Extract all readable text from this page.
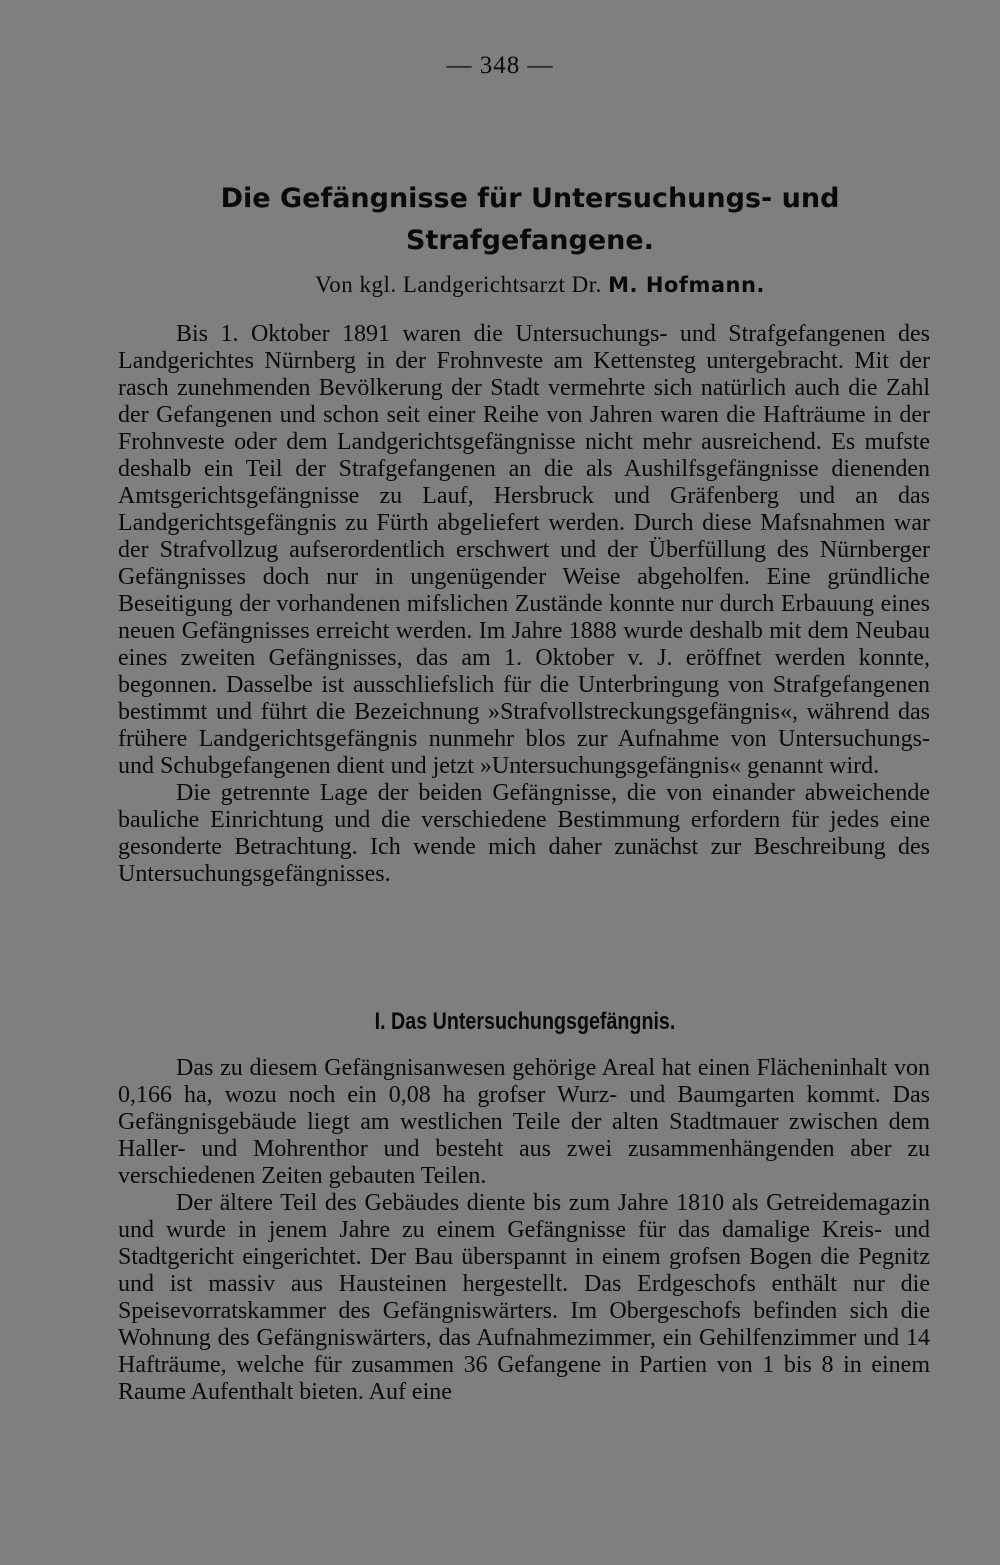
— 348 —
Die Gefängnisse für Untersuchungs- und Strafgefangene.
Von kgl. Landgerichtsarzt Dr. M. Hofmann.

Bis 1. Oktober 1891 waren die Untersuchungs- und Strafgefangenen des Landgerichtes Nürnberg in der Frohnveste am Kettensteg untergebracht. Mit der rasch zunehmenden Bevölkerung der Stadt vermehrte sich natürlich auch die Zahl der Gefangenen und schon seit einer Reihe von Jahren waren die Hafträume in der Frohnveste oder dem Landgerichtsgefängnisse nicht mehr ausreichend. Es mufste deshalb ein Teil der Strafgefangenen an die als Aushilfsgefängnisse dienenden Amtsgerichtsgefängnisse zu Lauf, Hersbruck und Gräfenberg und an das Landgerichtsgefängnis zu Fürth abgeliefert werden. Durch diese Mafsnahmen war der Strafvollzug aufserordentlich erschwert und der Überfüllung des Nürnberger Gefängnisses doch nur in ungenügender Weise abgeholfen. Eine gründliche Beseitigung der vorhandenen mifslichen Zustände konnte nur durch Erbauung eines neuen Gefängnisses erreicht werden. Im Jahre 1888 wurde deshalb mit dem Neubau eines zweiten Gefängnisses, das am 1. Oktober v. J. eröffnet werden konnte, begonnen. Dasselbe ist ausschliefslich für die Unterbringung von Strafgefangenen bestimmt und führt die Bezeichnung »Strafvollstreckungsgefängnis«, während das frühere Landgerichtsgefängnis nunmehr blos zur Aufnahme von Untersuchungs- und Schubgefangenen dient und jetzt »Untersuchungsgefängnis« genannt wird.

Die getrennte Lage der beiden Gefängnisse, die von einander abweichende bauliche Einrichtung und die verschiedene Bestimmung erfordern für jedes eine gesonderte Betrachtung. Ich wende mich daher zunächst zur Beschreibung des Untersuchungsgefängnisses.

I. Das Untersuchungsgefängnis.

Das zu diesem Gefängnisanwesen gehörige Areal hat einen Flächeninhalt von 0,166 ha, wozu noch ein 0,08 ha grofser Wurz- und Baumgarten kommt. Das Gefängnisgebäude liegt am westlichen Teile der alten Stadtmauer zwischen dem Haller- und Mohrenthor und besteht aus zwei zusammenhängenden aber zu verschiedenen Zeiten gebauten Teilen.

Der ältere Teil des Gebäudes diente bis zum Jahre 1810 als Getreidemagazin und wurde in jenem Jahre zu einem Gefängnisse für das damalige Kreis- und Stadtgericht eingerichtet. Der Bau überspannt in einem grofsen Bogen die Pegnitz und ist massiv aus Hausteinen hergestellt. Das Erdgeschofs enthält nur die Speisevorratskammer des Gefängniswärters. Im Obergeschofs befinden sich die Wohnung des Gefängniswärters, das Aufnahmezimmer, ein Gehilfenzimmer und 14 Hafträume, welche für zusammen 36 Gefangene in Partien von 1 bis 8 in einem Raume Aufenthalt bieten. Auf eine
